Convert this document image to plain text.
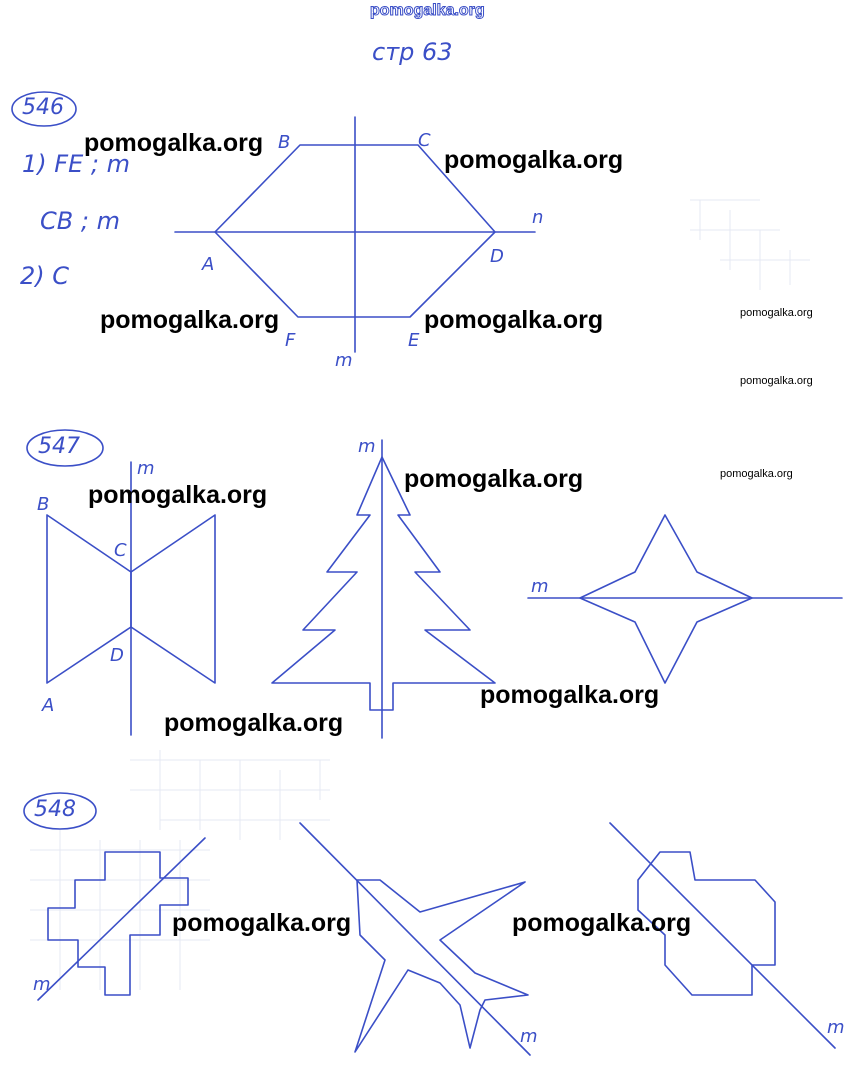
pomogalka.org
стр 63
B	C
A	D
F	E
m
n
B
C
D
A
m
m
m
m
m	m
546
547
548
1) FE ; m
CB ; m
2) C
pomogalka.org
pomogalka.org
pomogalka.org	pomogalka.org	pomogalka.org
pomogalka.org
pomogalka.org	pomogalka.org
pomogalka.org
pomogalka.org
pomogalka.org
pomogalka.org	pomogalka.org
